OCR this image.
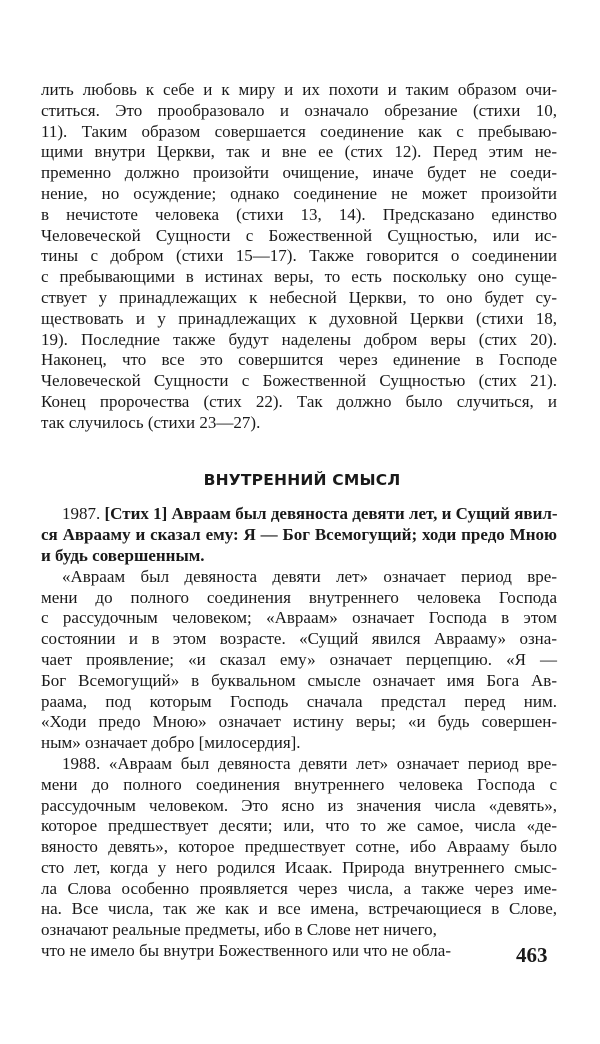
лить любовь к себе и к миру и их похоти и таким образом очи-
ститься. Это прообразовало и означало обрезание (стихи 10,
11). Таким образом совершается соединение как с пребываю-
щими внутри Церкви, так и вне ее (стих 12). Перед этим не-
пременно должно произойти очищение, иначе будет не соеди-
нение, но осуждение; однако соединение не может произойти
в нечистоте человека (стихи 13, 14). Предсказано единство
Человеческой Сущности с Божественной Сущностью, или ис-
тины с добром (стихи 15—17). Также говорится о соединении
с пребывающими в истинах веры, то есть поскольку оно суще-
ствует у принадлежащих к небесной Церкви, то оно будет су-
ществовать и у принадлежащих к духовной Церкви (стихи 18,
19). Последние также будут наделены добром веры (стих 20).
Наконец, что все это совершится через единение в Господе
Человеческой Сущности с Божественной Сущностью (стих 21).
Конец пророчества (стих 22). Так должно было случиться, и
так случилось (стихи 23—27).
ВНУТРЕННИЙ СМЫСЛ
1987. [Стих 1] Авраам был девяноста девяти лет, и Сущий явил-
ся Аврааму и сказал ему: Я — Бог Всемогущий; ходи предо Мною
и будь совершенным.
«Авраам был девяноста девяти лет» означает период вре-
мени до полного соединения внутреннего человека Господа
с рассудочным человеком; «Авраам» означает Господа в этом
состоянии и в этом возрасте. «Сущий явился Аврааму» озна-
чает проявление; «и сказал ему» означает перцепцию. «Я —
Бог Всемогущий» в буквальном смысле означает имя Бога Ав-
раама, под которым Господь сначала предстал перед ним.
«Ходи предо Мною» означает истину веры; «и будь совершен-
ным» означает добро [милосердия].
1988. «Авраам был девяноста девяти лет» означает период вре-
мени до полного соединения внутреннего человека Господа с
рассудочным человеком. Это ясно из значения числа «девять»,
которое предшествует десяти; или, что то же самое, числа «де-
вяносто девять», которое предшествует сотне, ибо Аврааму было
сто лет, когда у него родился Исаак. Природа внутреннего смыс-
ла Слова особенно проявляется через числа, а также через име-
на. Все числа, так же как и все имена, встречающиеся в Слове,
означают реальные предметы, ибо в Слове нет ничего,
что не имело бы внутри Божественного или что не обла-	463
